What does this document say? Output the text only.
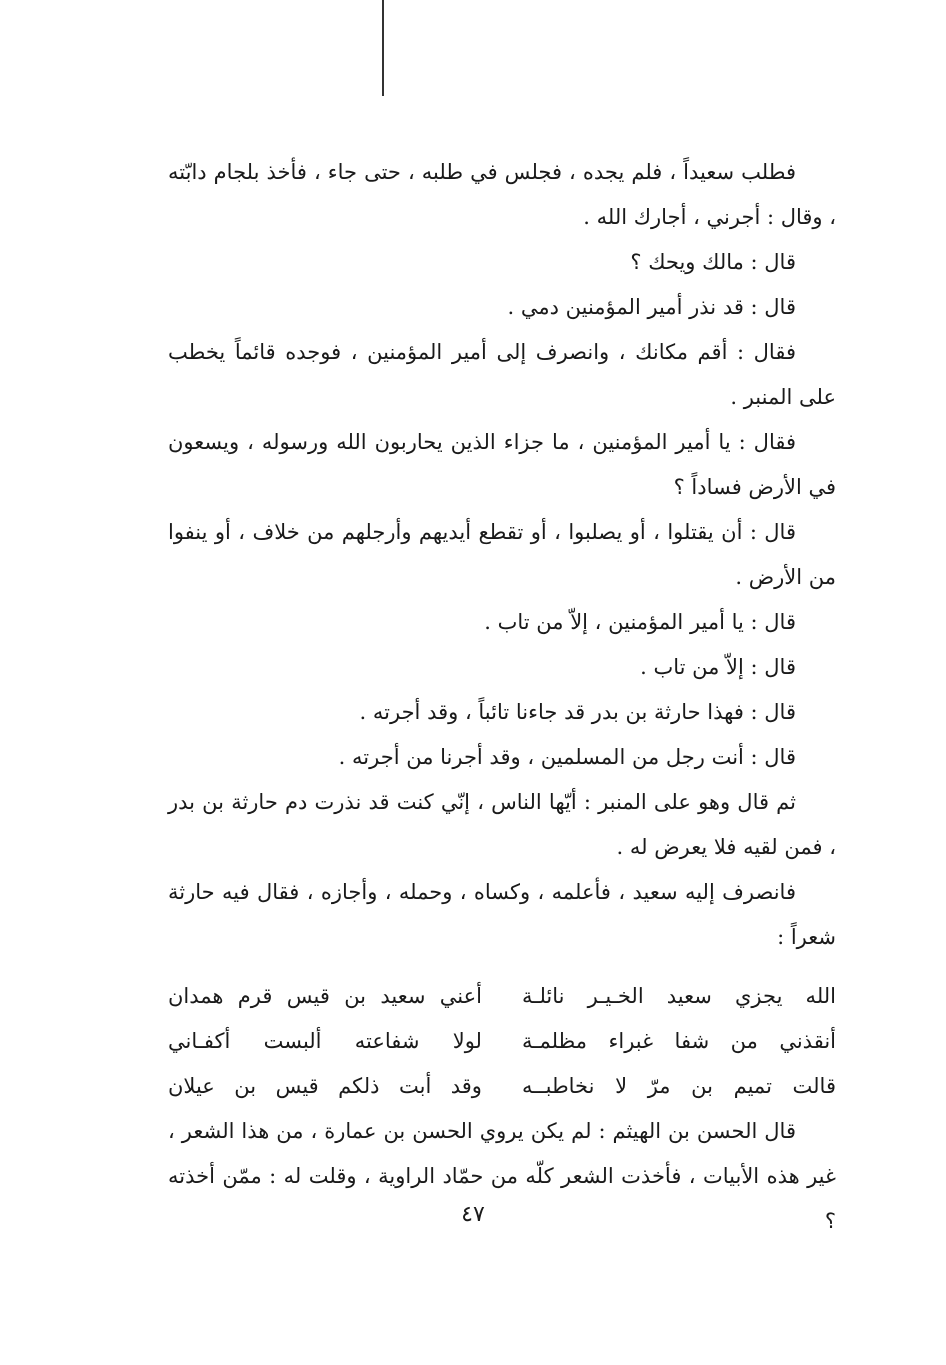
فطلب سعيداً ، فلم يجده ، فجلس في طلبه ، حتى جاء ، فأخذ بلجام دابّته ، وقال : أجرني ، أجارك الله .

قال : مالك ويحك ؟

قال : قد نذر أمير المؤمنين دمي .

فقال : أقم مكانك ، وانصرف إلى أمير المؤمنين ، فوجده قائماً يخطب على المنبر .

فقال : يا أمير المؤمنين ، ما جزاء الذين يحاربون الله ورسوله ، ويسعون في الأرض فساداً ؟

قال : أن يقتلوا ، أو يصلبوا ، أو تقطع أيديهم وأرجلهم من خلاف ، أو ينفوا من الأرض .

قال : يا أمير المؤمنين ، إلاّ من تاب .

قال : إلاّ من تاب .

قال : فهذا حارثة بن بدر قد جاءنا تائباً ، وقد أجرته .

قال : أنت رجل من المسلمين ، وقد أجرنا من أجرته .

ثم قال وهو على المنبر : أيّها الناس ، إنّي كنت قد نذرت دم حارثة بن بدر ، فمن لقيه فلا يعرض له .

فانصرف إليه سعيد ، فأعلمه ، وكساه ، وحمله ، وأجازه ، فقال فيه حارثة شعراً :

الله يجزي سعيد الخـيـر نائلـة
أعني سعيد بن قيس قرم همدان
أنقذني من شفا غبراء مظلمـة
لولا شفاعته ألبست أكفـاني
قالت تميم بن مرّ لا نخاطبــه
وقد أبت ذلكم قيس بن عيلان

قال الحسن بن الهيثم : لم يكن يروي الحسن بن عمارة ، من هذا الشعر ، غير هذه الأبيات ، فأخذت الشعر كلّه من حمّاد الراوية ، وقلت له : ممّن أخذته ؟

٤٧
